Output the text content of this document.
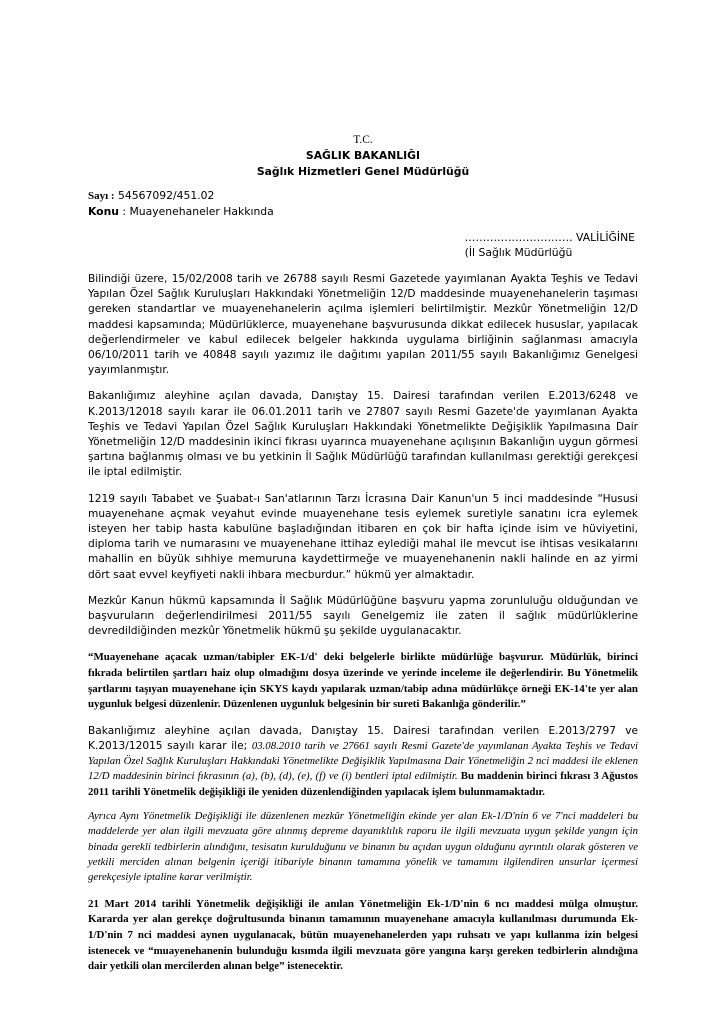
T.C.
SAĞLIK BAKANLIĞI
Sağlık Hizmetleri Genel Müdürlüğü
Sayı : 54567092/451.02
Konu : Muayenehaneler Hakkında
………………………… VALİLİĞİNE
(İl Sağlık Müdürlüğü

Bilindiği üzere, 15/02/2008 tarih ve 26788 sayılı Resmi Gazetede yayımlanan Ayakta Teşhis ve Tedavi Yapılan Özel Sağlık Kuruluşları Hakkındaki Yönetmeliğin 12/D maddesinde muayenehanelerin taşıması gereken standartlar ve muayenehanelerin açılma işlemleri belirtilmiştir. Mezkûr Yönetmeliğin 12/D maddesi kapsamında; Müdürlüklerce, muayenehane başvurusunda dikkat edilecek hususlar, yapılacak değerlendirmeler ve kabul edilecek belgeler hakkında uygulama birliğinin sağlanması amacıyla 06/10/2011 tarih ve 40848 sayılı yazımız ile dağıtımı yapılan 2011/55 sayılı Bakanlığımız Genelgesi yayımlanmıştır.

Bakanlığımız aleyhine açılan davada, Danıştay 15. Dairesi tarafından verilen E.2013/6248 ve K.2013/12018 sayılı karar ile 06.01.2011 tarih ve 27807 sayılı Resmi Gazete'de yayımlanan Ayakta Teşhis ve Tedavi Yapılan Özel Sağlık Kuruluşları Hakkındaki Yönetmelikte Değişiklik Yapılmasına Dair Yönetmeliğin 12/D maddesinin ikinci fıkrası uyarınca muayenehane açılışının Bakanlığın uygun görmesi şartına bağlanmış olması ve bu yetkinin İl Sağlık Müdürlüğü tarafından kullanılması gerektiği gerekçesi ile iptal edilmiştir.

1219 sayılı Tababet ve Şuabat-ı San'atlarının Tarzı İcrasına Dair Kanun'un 5 inci maddesinde “Hususi muayenehane açmak veyahut evinde muayenehane tesis eylemek suretiyle sanatını icra eylemek isteyen her tabip hasta kabulüne başladığından itibaren en çok bir hafta içinde isim ve hüviyetini, diploma tarih ve numarasını ve muayenehane ittihaz eylediği mahal ile mevcut ise ihtisas vesikalarını mahallin en büyük sıhhiye memuruna kaydettirmeğe ve muayenehanenin nakli halinde en az yirmi dört saat evvel keyfiyeti nakli ihbara mecburdur.” hükmü yer almaktadır.

Mezkûr Kanun hükmü kapsamında İl Sağlık Müdürlüğüne başvuru yapma zorunluluğu olduğundan ve başvuruların değerlendirilmesi 2011/55 sayılı Genelgemiz ile zaten il sağlık müdürlüklerine devredildiğinden mezkûr Yönetmelik hükmü şu şekilde uygulanacaktır.

“Muayenehane açacak uzman/tabipler EK-1/d' deki belgelerle birlikte müdürlüğe başvurur. Müdürlük, birinci fıkrada belirtilen şartları haiz olup olmadığını dosya üzerinde ve yerinde inceleme ile değerlendirir. Bu Yönetmelik şartlarını taşıyan muayenehane için SKYS kaydı yapılarak uzman/tabip adına müdürlükçe örneği EK-14'te yer alan uygunluk belgesi düzenlenir. Düzenlenen uygunluk belgesinin bir sureti Bakanlığa gönderilir.”

Bakanlığımız aleyhine açılan davada, Danıştay 15. Dairesi tarafından verilen E.2013/2797 ve K.2013/12015 sayılı karar ile; 03.08.2010 tarih ve 27661 sayılı Resmi Gazete'de yayımlanan Ayakta Teşhis ve Tedavi Yapılan Özel Sağlık Kuruluşları Hakkındaki Yönetmelikte Değişiklik Yapılmasına Dair Yönetmeliğin 2 nci maddesi ile eklenen 12/D maddesinin birinci fıkrasının (a), (b), (d), (e), (f) ve (i) bentleri iptal edilmiştir. Bu maddenin birinci fıkrası 3 Ağustos 2011 tarihli Yönetmelik değişikliği ile yeniden düzenlendiğinden yapılacak işlem bulunmamaktadır.

Ayrıca Aynı Yönetmelik Değişikliği ile düzenlenen mezkûr Yönetmeliğin ekinde yer alan Ek-1/D'nin 6 ve 7'nci maddeleri bu maddelerde yer alan ilgili mevzuata göre alınmış depreme dayanıklılık raporu ile ilgili mevzuata uygun şekilde yangın için binada gerekli tedbirlerin alındığını, tesisatın kurulduğunu ve binanın bu açıdan uygun olduğunu ayrıntılı olarak gösteren ve yetkili merciden alınan belgenin içeriği itibariyle binanın tamamına yönelik ve tamamını ilgilendiren unsurlar içermesi gerekçesiyle iptaline karar verilmiştir.

21 Mart 2014 tarihli Yönetmelik değişikliği ile anılan Yönetmeliğin Ek-1/D'nin 6 ncı maddesi mülga olmuştur. Kararda yer alan gerekçe doğrultusunda binanın tamamının muayenehane amacıyla kullanılması durumunda Ek-1/D'nin 7 nci maddesi aynen uygulanacak, bütün muayenehanelerden yapı ruhsatı ve yapı kullanma izin belgesi istenecek ve “muayenehanenin bulunduğu kısımda ilgili mevzuata göre yangına karşı gereken tedbirlerin alındığına dair yetkili olan mercilerden alınan belge” istenecektir.
